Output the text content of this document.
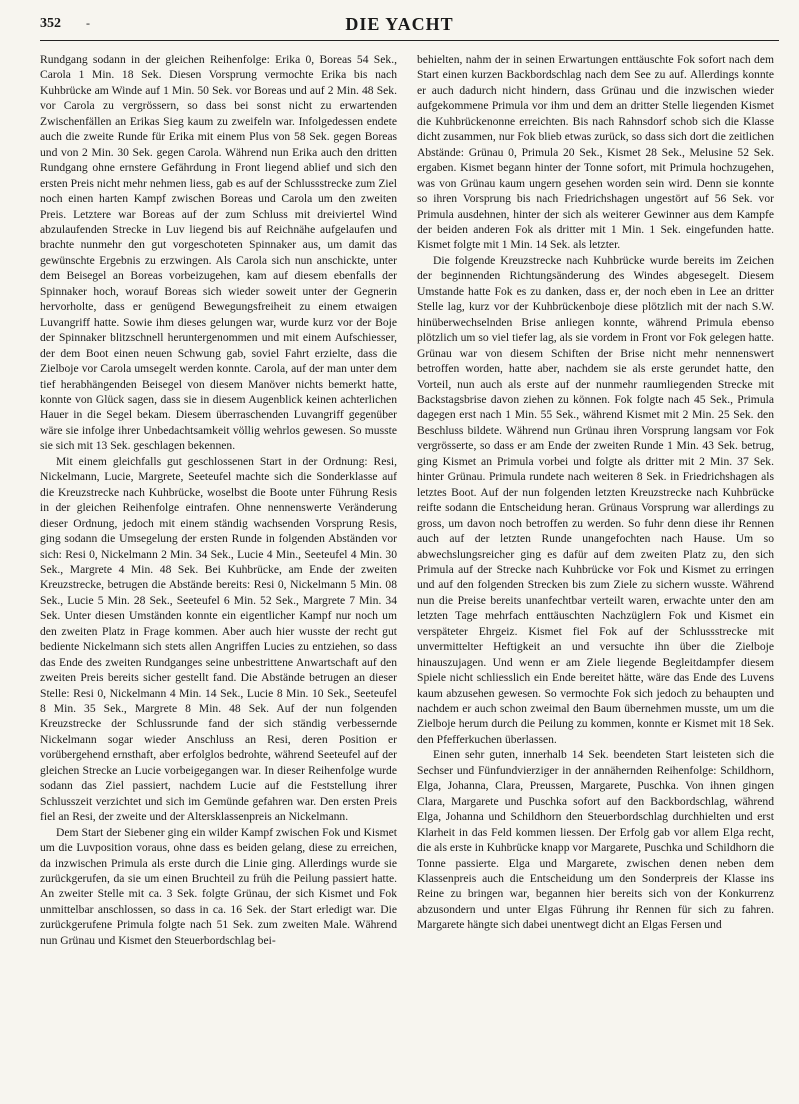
352 -	DIE YACHT

Rundgang sodann in der gleichen Reihenfolge: Erika 0, Boreas 54 Sek., Carola 1 Min. 18 Sek. Diesen Vorsprung vermochte Erika bis nach Kuhbrücke am Winde auf 1 Min. 50 Sek. vor Boreas und auf 2 Min. 48 Sek. vor Carola zu vergrössern, so dass bei sonst nicht zu erwartenden Zwischenfällen an Erikas Sieg kaum zu zweifeln war. Infolgedessen endete auch die zweite Runde für Erika mit einem Plus von 58 Sek. gegen Boreas und von 2 Min. 30 Sek. gegen Carola. Während nun Erika auch den dritten Rundgang ohne ernstere Gefährdung in Front liegend ablief und sich den ersten Preis nicht mehr nehmen liess, gab es auf der Schlussstrecke zum Ziel noch einen harten Kampf zwischen Boreas und Carola um den zweiten Preis. Letztere war Boreas auf der zum Schluss mit dreiviertel Wind abzulaufenden Strecke in Luv liegend bis auf Reichnähe aufgelaufen und brachte nunmehr den gut vorgeschoteten Spinnaker aus, um damit das gewünschte Ergebnis zu erzwingen. Als Carola sich nun anschickte, unter dem Beisegel an Boreas vorbeizugehen, kam auf diesem ebenfalls der Spinnaker hoch, worauf Boreas sich wieder soweit unter der Gegnerin hervorholte, dass er genügend Bewegungsfreiheit zu einem etwaigen Luvangriff hatte. Sowie ihm dieses gelungen war, wurde kurz vor der Boje der Spinnaker blitzschnell heruntergenommen und mit einem Aufschiesser, der dem Boot einen neuen Schwung gab, soviel Fahrt erzielte, dass die Zielboje vor Carola umsegelt werden konnte. Carola, auf der man unter dem tief herabhängenden Beisegel von diesem Manöver nichts bemerkt hatte, konnte von Glück sagen, dass sie in diesem Augenblick keinen achterlichen Hauer in die Segel bekam. Diesem überraschenden Luvangriff gegenüber wäre sie infolge ihrer Unbedachtsamkeit völlig wehrlos gewesen. So musste sie sich mit 13 Sek. geschlagen bekennen.

Mit einem gleichfalls gut geschlossenen Start in der Ordnung: Resi, Nickelmann, Lucie, Margrete, Seeteufel machte sich die Sonderklasse auf die Kreuzstrecke nach Kuhbrücke, woselbst die Boote unter Führung Resis in der gleichen Reihenfolge eintrafen. Ohne nennenswerte Veränderung dieser Ordnung, jedoch mit einem ständig wachsenden Vorsprung Resis, ging sodann die Umsegelung der ersten Runde in folgenden Abständen vor sich: Resi 0, Nickelmann 2 Min. 34 Sek., Lucie 4 Min., Seeteufel 4 Min. 30 Sek., Margrete 4 Min. 48 Sek. Bei Kuhbrücke, am Ende der zweiten Kreuzstrecke, betrugen die Abstände bereits: Resi 0, Nickelmann 5 Min. 08 Sek., Lucie 5 Min. 28 Sek., Seeteufel 6 Min. 52 Sek., Margrete 7 Min. 34 Sek. Unter diesen Umständen konnte ein eigentlicher Kampf nur noch um den zweiten Platz in Frage kommen. Aber auch hier wusste der recht gut bediente Nickelmann sich stets allen Angriffen Lucies zu entziehen, so dass das Ende des zweiten Rundganges seine unbestrittene Anwartschaft auf den zweiten Preis bereits sicher gestellt fand. Die Abstände betrugen an dieser Stelle: Resi 0, Nickelmann 4 Min. 14 Sek., Lucie 8 Min. 10 Sek., Seeteufel 8 Min. 35 Sek., Margrete 8 Min. 48 Sek. Auf der nun folgenden Kreuzstrecke der Schlussrunde fand der sich ständig verbessernde Nickelmann sogar wieder Anschluss an Resi, deren Position er vorübergehend ernsthaft, aber erfolglos bedrohte, während Seeteufel auf der gleichen Strecke an Lucie vorbeigegangen war. In dieser Reihenfolge wurde sodann das Ziel passiert, nachdem Lucie auf die Feststellung ihrer Schlusszeit verzichtet und sich im Gemünde gefahren war. Den ersten Preis fiel an Resi, der zweite und der Altersklassenpreis an Nickelmann.

Dem Start der Siebener ging ein wilder Kampf zwischen Fok und Kismet um die Luvposition voraus, ohne dass es beiden gelang, diese zu erreichen, da inzwischen Primula als erste durch die Linie ging. Allerdings wurde sie zurückgerufen, da sie um einen Bruchteil zu früh die Peilung passiert hatte. An zweiter Stelle mit ca. 3 Sek. folgte Grünau, der sich Kismet und Fok unmittelbar anschlossen, so dass in ca. 16 Sek. der Start erledigt war. Die zurückgerufene Primula folgte nach 51 Sek. zum zweiten Male. Während nun Grünau und Kismet den Steuerbordschlag bei-

behielten, nahm der in seinen Erwartungen enttäuschte Fok sofort nach dem Start einen kurzen Backbordschlag nach dem See zu auf. Allerdings konnte er auch dadurch nicht hindern, dass Grünau und die inzwischen wieder aufgekommene Primula vor ihm und dem an dritter Stelle liegenden Kismet die Kuhbrückenonne erreichten. Bis nach Rahnsdorf schob sich die Klasse dicht zusammen, nur Fok blieb etwas zurück, so dass sich dort die zeitlichen Abstände: Grünau 0, Primula 20 Sek., Kismet 28 Sek., Melusine 52 Sek. ergaben. Kismet begann hinter der Tonne sofort, mit Primula hochzugehen, was von Grünau kaum ungern gesehen worden sein wird. Denn sie konnte so ihren Vorsprung bis nach Friedrichshagen ungestört auf 56 Sek. vor Primula ausdehnen, hinter der sich als weiterer Gewinner aus dem Kampfe der beiden anderen Fok als dritter mit 1 Min. 1 Sek. eingefunden hatte. Kismet folgte mit 1 Min. 14 Sek. als letzter.

Die folgende Kreuzstrecke nach Kuhbrücke wurde bereits im Zeichen der beginnenden Richtungsänderung des Windes abgesegelt. Diesem Umstande hatte Fok es zu danken, dass er, der noch eben in Lee an dritter Stelle lag, kurz vor der Kuhbrückenboje diese plötzlich mit der nach S.W. hinüberwechselnden Brise anliegen konnte, während Primula ebenso plötzlich um so viel tiefer lag, als sie vordem in Front vor Fok gelegen hatte. Grünau war von diesem Schiften der Brise nicht mehr nennenswert betroffen worden, hatte aber, nachdem sie als erste gerundet hatte, den Vorteil, nun auch als erste auf der nunmehr raumliegenden Strecke mit Backstagsbrise davon ziehen zu können. Fok folgte nach 45 Sek., Primula dagegen erst nach 1 Min. 55 Sek., während Kismet mit 2 Min. 25 Sek. den Beschluss bildete. Während nun Grünau ihren Vorsprung langsam vor Fok vergrösserte, so dass er am Ende der zweiten Runde 1 Min. 43 Sek. betrug, ging Kismet an Primula vorbei und folgte als dritter mit 2 Min. 37 Sek. hinter Grünau. Primula rundete nach weiteren 8 Sek. in Friedrichshagen als letztes Boot. Auf der nun folgenden letzten Kreuzstrecke nach Kuhbrücke reifte sodann die Entscheidung heran. Grünaus Vorsprung war allerdings zu gross, um davon noch betroffen zu werden. So fuhr denn diese ihr Rennen auch auf der letzten Runde unangefochten nach Hause. Um so abwechslungsreicher ging es dafür auf dem zweiten Platz zu, den sich Primula auf der Strecke nach Kuhbrücke vor Fok und Kismet zu erringen und auf den folgenden Strecken bis zum Ziele zu sichern wusste. Während nun die Preise bereits unanfechtbar verteilt waren, erwachte unter den am letzten Tage mehrfach enttäuschten Nachzüglern Fok und Kismet ein verspäteter Ehrgeiz. Kismet fiel Fok auf der Schlussstrecke mit unvermittelter Heftigkeit an und versuchte ihn über die Zielboje hinauszujagen. Und wenn er am Ziele liegende Begleitdampfer diesem Spiele nicht schliesslich ein Ende bereitet hätte, wäre das Ende des Luvens kaum abzusehen gewesen. So vermochte Fok sich jedoch zu behaupten und nachdem er auch schon zweimal den Baum übernehmen musste, um um die Zielboje herum durch die Peilung zu kommen, konnte er Kismet mit 18 Sek. den Pfefferkuchen überlassen.

Einen sehr guten, innerhalb 14 Sek. beendeten Start leisteten sich die Sechser und Fünfundvierziger in der annähernden Reihenfolge: Schildhorn, Elga, Johanna, Clara, Preussen, Margarete, Puschka. Von ihnen gingen Clara, Margarete und Puschka sofort auf den Backbordschlag, während Elga, Johanna und Schildhorn den Steuerbordschlag durchhielten und erst Klarheit in das Feld kommen liessen. Der Erfolg gab vor allem Elga recht, die als erste in Kuhbrücke knapp vor Margarete, Puschka und Schildhorn die Tonne passierte. Elga und Margarete, zwischen denen neben dem Klassenpreis auch die Entscheidung um den Sonderpreis der Klasse ins Reine zu bringen war, begannen hier bereits sich von der Konkurrenz abzusondern und unter Elgas Führung ihr Rennen für sich zu fahren. Margarete hängte sich dabei unentwegt dicht an Elgas Fersen und
